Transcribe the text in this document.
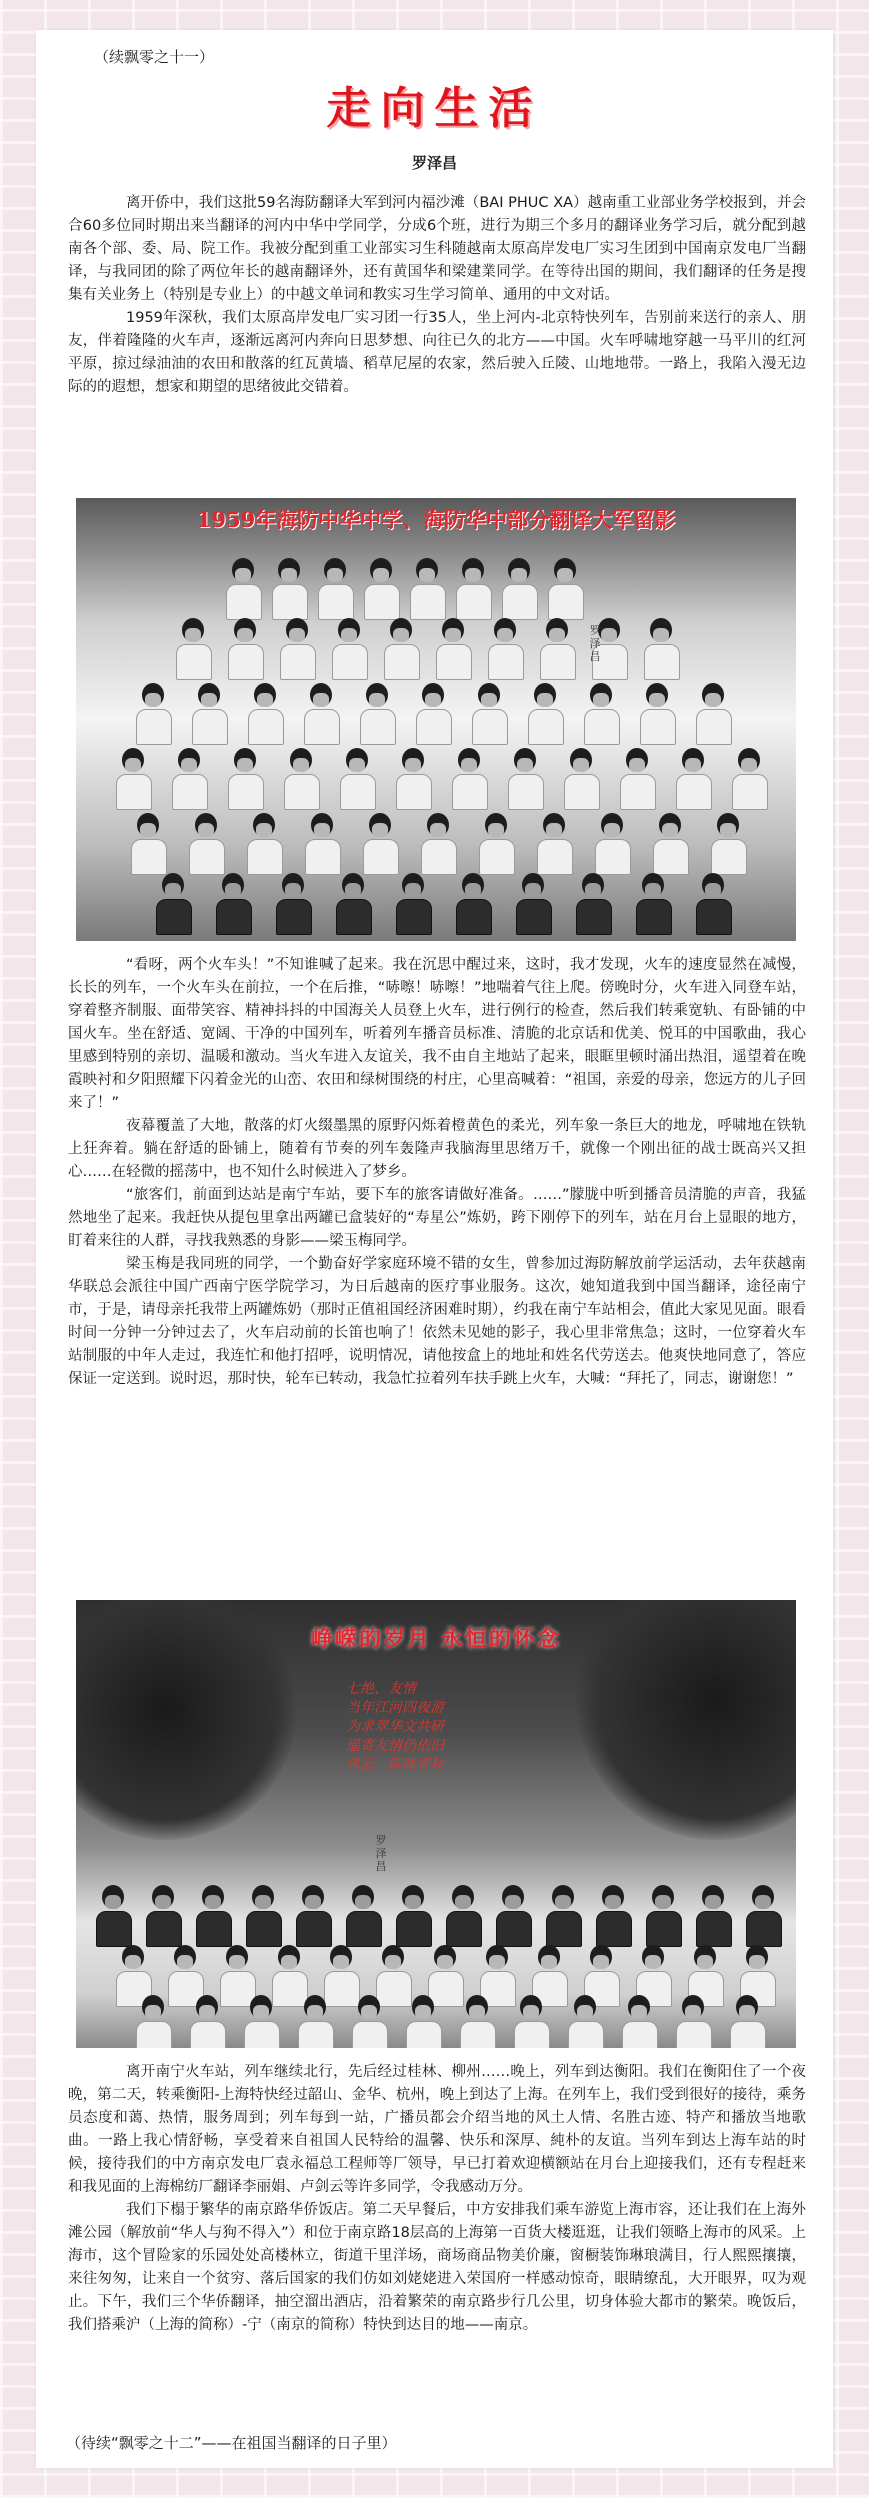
（续飘零之十一）
走向生活
罗泽昌

离开侨中，我们这批59名海防翻译大军到河内福沙滩（BAI PHUC XA）越南重工业部业务学校报到，并会合60多位同时期出来当翻译的河内中华中学同学，分成6个班，进行为期三个多月的翻译业务学习后，就分配到越南各个部、委、局、院工作。我被分配到重工业部实习生科随越南太原高岸发电厂实习生团到中国南京发电厂当翻译，与我同团的除了两位年长的越南翻译外，还有黄国华和梁建業同学。在等待出国的期间，我们翻译的任务是搜集有关业务上（特别是专业上）的中越文单词和教实习生学习简单、通用的中文对话。

1959年深秋，我们太原高岸发电厂实习团一行35人，坐上河内-北京特快列车，告别前来送行的亲人、朋友，伴着隆隆的火车声，逐渐远离河内奔向日思梦想、向往已久的北方——中国。火车呼啸地穿越一马平川的红河平原，掠过绿油油的农田和散落的红瓦黄墙、稻草尼屋的农家，然后驶入丘陵、山地地带。一路上，我陷入漫无边际的的遐想，想家和期望的思绪彼此交错着。

1959年海防中华中学、海防华中部分翻译大军留影
罗泽昌

“看呀，两个火车头！”不知谁喊了起来。我在沉思中醒过来，这时，我才发现，火车的速度显然在减慢，长长的列车，一个火车头在前拉，一个在后推，“哧嚓！哧嚓！”地喘着气往上爬。傍晚时分，火车进入同登车站，穿着整齐制服、面带笑容、精神抖抖的中国海关人员登上火车，进行例行的检查，然后我们转乘宽轨、有卧铺的中国火车。坐在舒适、宽阔、干净的中国列车，听着列车播音员标准、清脆的北京话和优美、悦耳的中国歌曲，我心里感到特别的亲切、温暖和激动。当火车进入友谊关，我不由自主地站了起来，眼眶里顿时涌出热泪，遥望着在晚霞映衬和夕阳照耀下闪着金光的山峦、农田和绿树围绕的村庄，心里高喊着：“祖国，亲爱的母亲，您远方的儿子回来了！”

夜幕覆盖了大地，散落的灯火缀墨黑的原野闪烁着橙黄色的柔光，列车象一条巨大的地龙，呼啸地在铁轨上狂奔着。躺在舒适的卧铺上，随着有节奏的列车轰隆声我脑海里思绪万千，就像一个刚出征的战士既高兴又担心……在轻微的摇荡中，也不知什么时候进入了梦乡。

“旅客们，前面到达站是南宁车站，要下车的旅客请做好准备。……”朦胧中听到播音员清脆的声音，我猛然地坐了起来。我赶快从提包里拿出两罐已盒装好的“寿星公”炼奶，跨下刚停下的列车，站在月台上显眼的地方，盯着来往的人群，寻找我熟悉的身影——梁玉梅同学。

梁玉梅是我同班的同学，一个勤奋好学家庭环境不错的女生，曾参加过海防解放前学运活动，去年获越南华联总会派往中国广西南宁医学院学习，为日后越南的医疗事业服务。这次，她知道我到中国当翻译，途径南宁市，于是，请母亲托我带上两罐炼奶（那时正值祖国经济困难时期），约我在南宁车站相会，值此大家见见面。眼看时间一分钟一分钟过去了，火车启动前的长笛也响了！依然未见她的影子，我心里非常焦急；这时，一位穿着火车站制服的中年人走过，我连忙和他打招呼，说明情况，请他按盒上的地址和姓名代劳送去。他爽快地同意了，答应保证一定送到。说时迟，那时快，轮车已转动，我急忙拉着列车扶手跳上火车，大喊：“拜托了，同志，谢谢您！”

峥嵘的岁月 永恒的怀念
七绝、友情
当年江河四夜游
为求翠华文共研
遥寄友情仍依旧
风云一阵昧青秋
罗泽昌

离开南宁火车站，列车继续北行，先后经过桂林、柳州……晚上，列车到达衡阳。我们在衡阳住了一个夜晚，第二天，转乘衡阳-上海特快经过韶山、金华、杭州，晚上到达了上海。在列车上，我们受到很好的接待，乘务员态度和蔼、热情，服务周到；列车每到一站，广播员都会介绍当地的风土人情、名胜古迹、特产和播放当地歌曲。一路上我心情舒畅，享受着来自祖国人民特给的温馨、快乐和深厚、純朴的友谊。当列车到达上海车站的时候，接待我们的中方南京发电厂袁永福总工程师等厂领导，早已打着欢迎横额站在月台上迎接我们，还有专程赶来和我见面的上海棉纺厂翻译李丽娟、卢剑云等许多同学，令我感动万分。

我们下榻于繁华的南京路华侨饭店。第二天早餐后，中方安排我们乘车游览上海市容，还让我们在上海外滩公园（解放前“华人与狗不得入”）和位于南京路18层高的上海第一百货大楼逛逛，让我们领略上海市的风采。上海市，这个冒险家的乐园处处高楼林立，街道干里洋场，商场商品物美价廉，窗橱装饰琳琅满目，行人熙熙攘攘，来往匆匆，让来自一个贫穷、落后国家的我们仿如刘姥姥进入荣国府一样感动惊奇，眼睛缭乱，大开眼界，叹为观止。下午，我们三个华侨翻译，抽空溜出酒店，沿着繁荣的南京路步行几公里，切身体验大都市的繁荣。晚饭后，我们搭乘沪（上海的简称）-宁（南京的简称）特快到达目的地——南京。

（待续“飘零之十二”——在祖国当翻译的日子里）
